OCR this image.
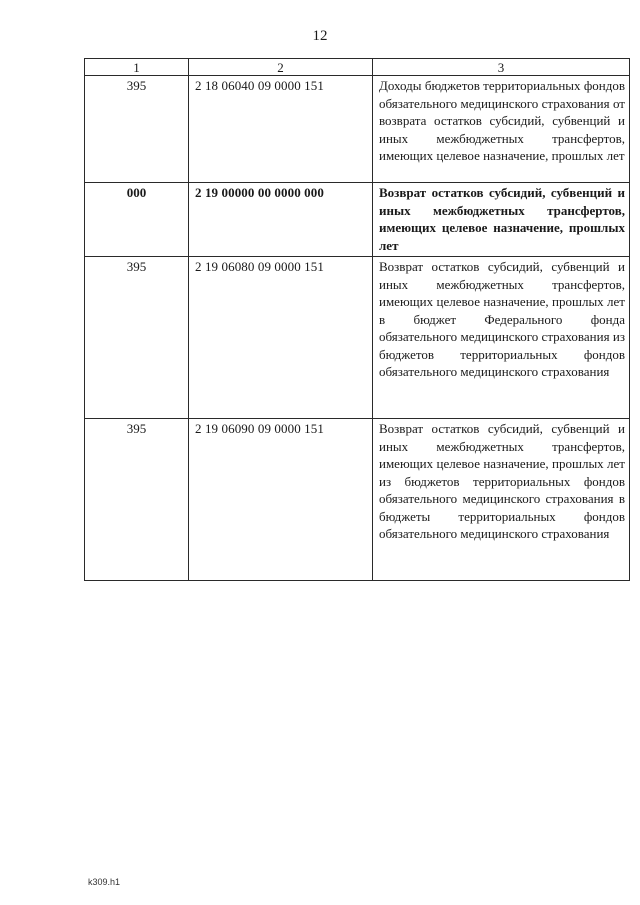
12
1	2	3
395	2 18 06040 09 0000 151	Доходы бюджетов территориальных фондов обязательного медицинского страхования от возврата остатков субсидий, субвенций и иных межбюджетных трансфертов, имеющих целевое назначение, прошлых лет
000	2 19 00000 00 0000 000	Возврат остатков субсидий, субвенций и иных межбюджетных трансфертов, имеющих целевое назначение, прошлых лет
395	2 19 06080 09 0000 151	Возврат остатков субсидий, субвенций и иных межбюджетных трансфертов, имеющих целевое назначение, прошлых лет в бюджет Федерального фонда обязательного медицинского страхования из бюджетов территориальных фондов обязательного медицинского страхования
395	2 19 06090 09 0000 151	Возврат остатков субсидий, субвенций и иных межбюджетных трансфертов, имеющих целевое назначение, прошлых лет из бюджетов территориальных фондов обязательного медицинского страхования в бюджеты территориальных фондов обязательного медицинского страхования
k309.h1
